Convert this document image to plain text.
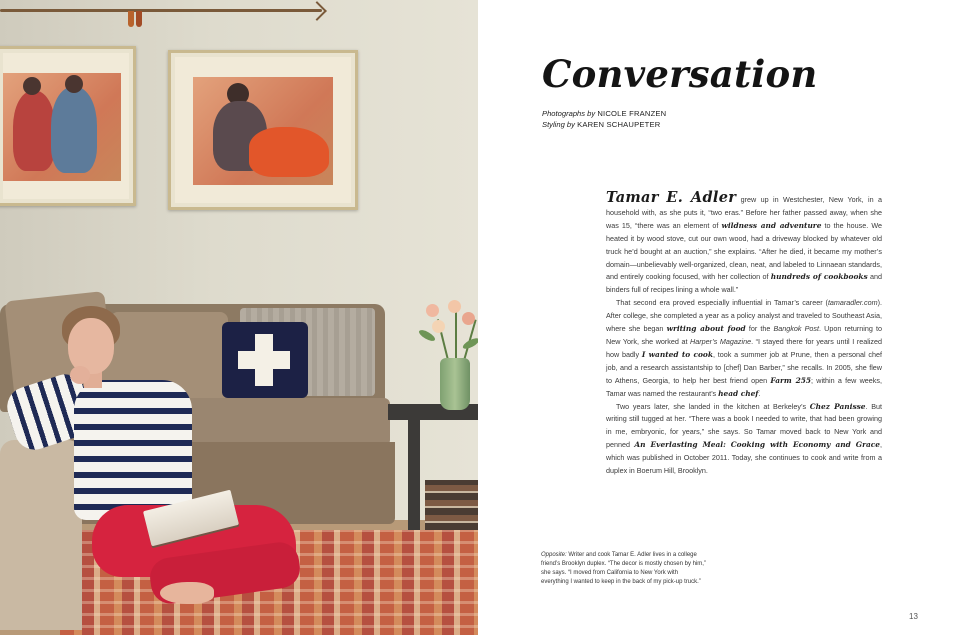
Conversation
Photographs by NICOLE FRANZEN
Styling by KAREN SCHAUPETER

Tamar E. Adler grew up in Westchester, New York, in a household with, as she puts it, “two eras.” Before her father passed away, when she was 15, “there was an element of wildness and adventure to the house. We heated it by wood stove, cut our own wood, had a driveway blocked by whatever old truck he’d bought at an auction,” she explains. “After he died, it became my mother’s domain—unbelievably well-organized, clean, neat, and labeled to Linnaean standards, and entirely cooking focused, with her collection of hundreds of cookbooks and binders full of recipes lining a whole wall.”

That second era proved especially influential in Tamar’s career (tamaradler.com). After college, she completed a year as a policy analyst and traveled to Southeast Asia, where she began writing about food for the Bangkok Post. Upon returning to New York, she worked at Harper’s Magazine. “I stayed there for years until I realized how badly I wanted to cook, took a summer job at Prune, then a personal chef job, and a research assistantship to [chef] Dan Barber,” she recalls. In 2005, she flew to Athens, Georgia, to help her best friend open Farm 255; within a few weeks, Tamar was named the restaurant’s head chef.

Two years later, she landed in the kitchen at Berkeley’s Chez Panisse. But writing still tugged at her. “There was a book I needed to write, that had been growing in me, embryonic, for years,” she says. So Tamar moved back to New York and penned An Everlasting Meal: Cooking with Economy and Grace, which was published in October 2011. Today, she continues to cook and write from a duplex in Boerum Hill, Brooklyn.

Opposite: Writer and cook Tamar E. Adler lives in a college friend’s Brooklyn duplex. “The decor is mostly chosen by him,” she says. “I moved from California to New York with everything I wanted to keep in the back of my pick-up truck.”
13
